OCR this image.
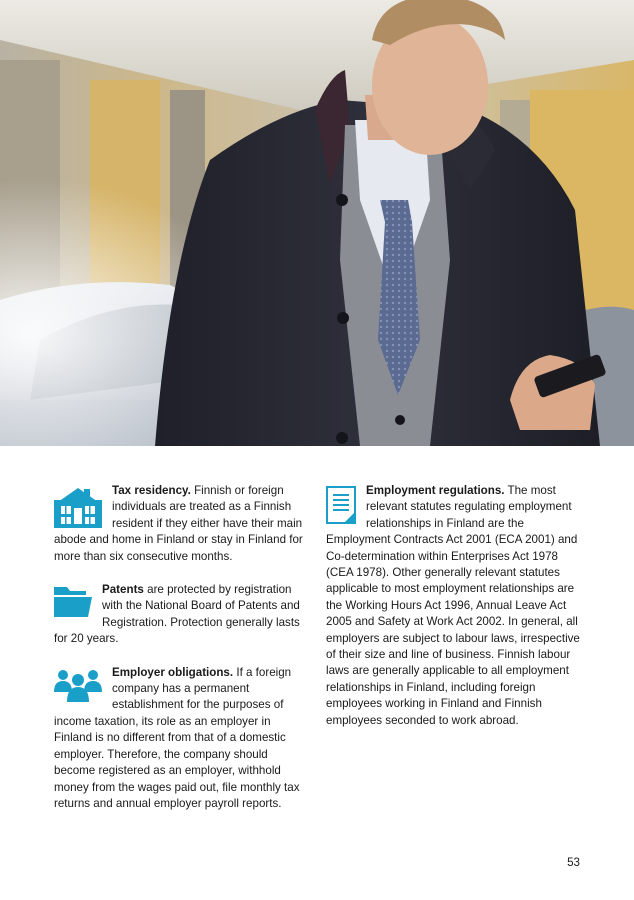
Tax residency. Finnish or foreign individuals are treated as a Finnish resident if they either have their main abode and home in Finland or stay in Finland for more than six consecutive months.

Patents are protected by registration with the National Board of Patents and Registration. Protection generally lasts for 20 years.

Employer obligations. If a foreign company has a permanent establishment for the purposes of income taxation, its role as an employer in Finland is no different from that of a domestic employer. Therefore, the company should become registered as an employer, withhold money from the wages paid out, file monthly tax returns and annual employer payroll reports.

Employment regulations. The most relevant statutes regulating employment relationships in Finland are the Employment Contracts Act 2001 (ECA 2001) and Co-determination within Enterprises Act 1978 (CEA 1978). Other generally relevant statutes applicable to most employment relationships are the Working Hours Act 1996, Annual Leave Act 2005 and Safety at Work Act 2002. In general, all employers are subject to labour laws, irrespective of their size and line of business. Finnish labour laws are generally applicable to all employment relationships in Finland, including foreign employees working in Finland and Finnish employees seconded to work abroad.

53
